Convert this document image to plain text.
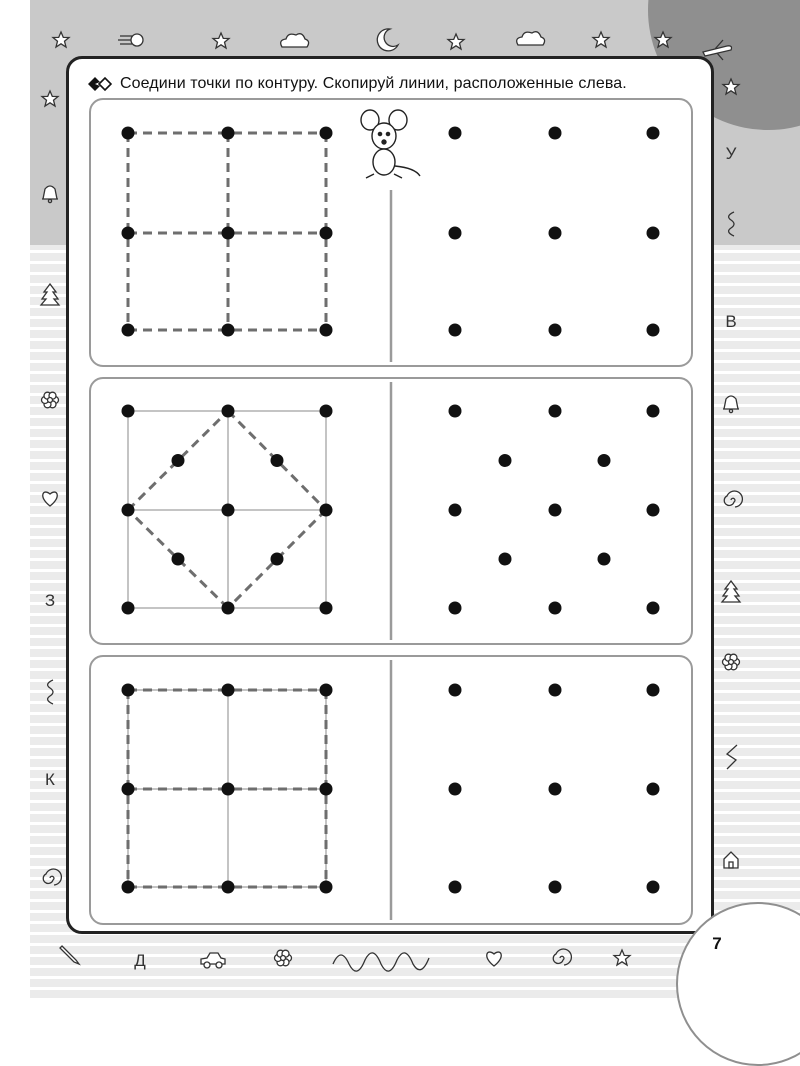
З
К
У
В
Д
Соедини точки по контуру. Скопируй линии, расположенные слева.
7
